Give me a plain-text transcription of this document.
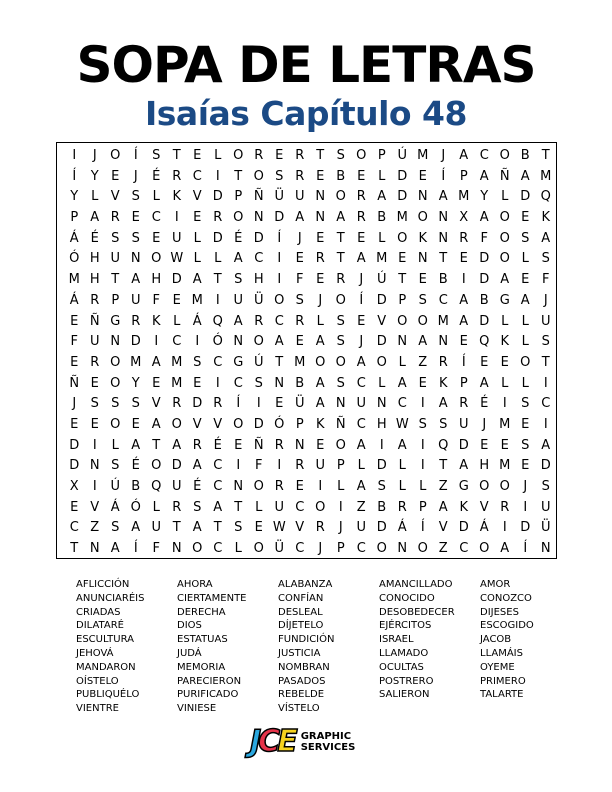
SOPA DE LETRAS
Isaías Capítulo 48
I	J	O	Í	S T E L O R E R T S O P Ú M J	A C O B T
Í	Y E	J	É R C	I	T O S R E B E L D E	Í	P A Ñ A M
Y L V S L K V D P Ñ Ü U N O R A D N A M Y L D Q
P A R E C	I	E R O N D A N A R B M O N X A O E K
Á É S S E U L D É D	Í	J	E T E L O K N R F O S A
Ó H U N O W L	L A C	I	E R T A M E N T E D O L S
M H T A H D A T S H	I	F E R	J	Ú T E B	I	D A E F
Á R P U F E M I	U Ü O S	J	O	Í	D P S C A B G A	J
E Ñ G R K L Á Q A R C R L S E V O O M A D L	L U
F U N D	I	C	I	Ó N O A E A S	J	D N A N E Q K L S
E R O M A M S C G Ú T M O O A O L Z R	Í	E E O T
Ñ E O Y E M E	I	C S N B A S C L A E K P A L	L	I
J	S S S V R D R	Í	I	E Ü A N U N C	I	A R É	I	S C
E E O E A O V V O D Ó P K Ñ C H W S S U	J M E	I
D	I	L A T A R É E Ñ R N E O A	I	A	I	Q D E E S A
D N S É O D A C	I	F	I	R U P L D L	I	T A H M E D
X	I	Ú B Q U É C N O R E	I	L A S L	L Z G O O	J	S
E V Á Ó L R S A T L U C O	I	Z B R P A K V R	I	U
C Z S A U T A T S E W V R	J	U D Á	Í	V D Á	I	D Ü
T N A	Í	F N O C L O Ü C	J	P C O N O Z C O A	Í	N
AFLICCIÓN	AHORA	ALABANZA	AMANCILLADO	AMOR
ANUNCIARÉIS	CIERTAMENTE	CONFÍAN	CONOCIDO	CONOZCO
CRIADAS	DERECHA	DESLEAL	DESOBEDECER	DIJESES
DILATARÉ	DIOS	DÍJETELO	EJÉRCITOS	ESCOGIDO
ESCULTURA	ESTATUAS	FUNDICIÓN	ISRAEL	JACOB
JEHOVÁ	JUDÁ	JUSTICIA	LLAMADO	LLAMÁIS
MANDARON	MEMORIA	NOMBRAN	OCULTAS	OYEME
OÍSTELO	PARECIERON	PASADOS	POSTRERO	PRIMERO
PUBLIQUÉLO	PURIFICADO	REBELDE	SALIERON	TALARTE
VIENTRE	VINIESE	VÍSTELO
J
C
E GRAPHIC
SERVICES
